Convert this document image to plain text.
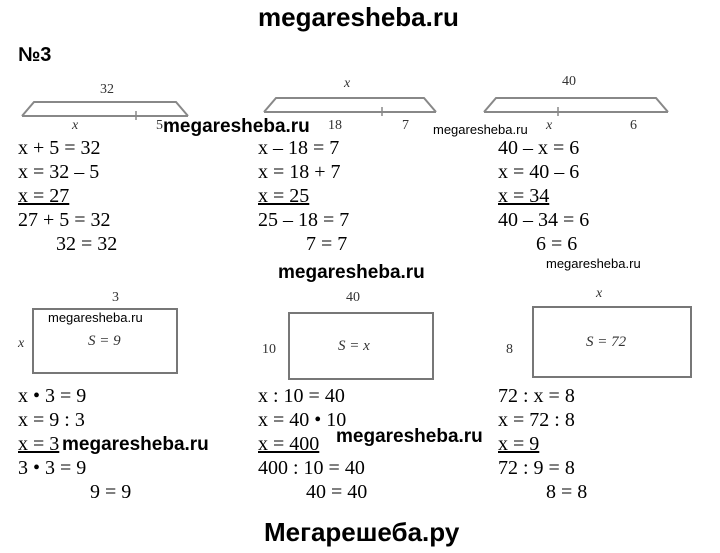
megaresheba.ru
№3
32
x	5
x
18	7
40
x	6
megaresheba.ru	megaresheba.ru
x + 5 = 32
x = 32 – 5
x = 27
27 + 5 = 32
32 = 32
x – 18 = 7
x = 18 + 7
x = 25
25 – 18 = 7
7 = 7
40 – x = 6
x = 40 – 6
x = 34
40 – 34 = 6
6 = 6
megaresheba.ru
megaresheba.ru
3
x	S = 9
megaresheba.ru
40
10	S = x
x
8	S = 72
x • 3 = 9
x = 9 : 3
x = 3
3 • 3 = 9
9 = 9
x : 10 = 40
x = 40 • 10
x = 400
400 : 10 = 40
40 = 40
72 : x = 8
x = 72 : 8
x = 9
72 : 9 = 8
8 = 8
megaresheba.ru	megaresheba.ru
Мегарешеба.ру
